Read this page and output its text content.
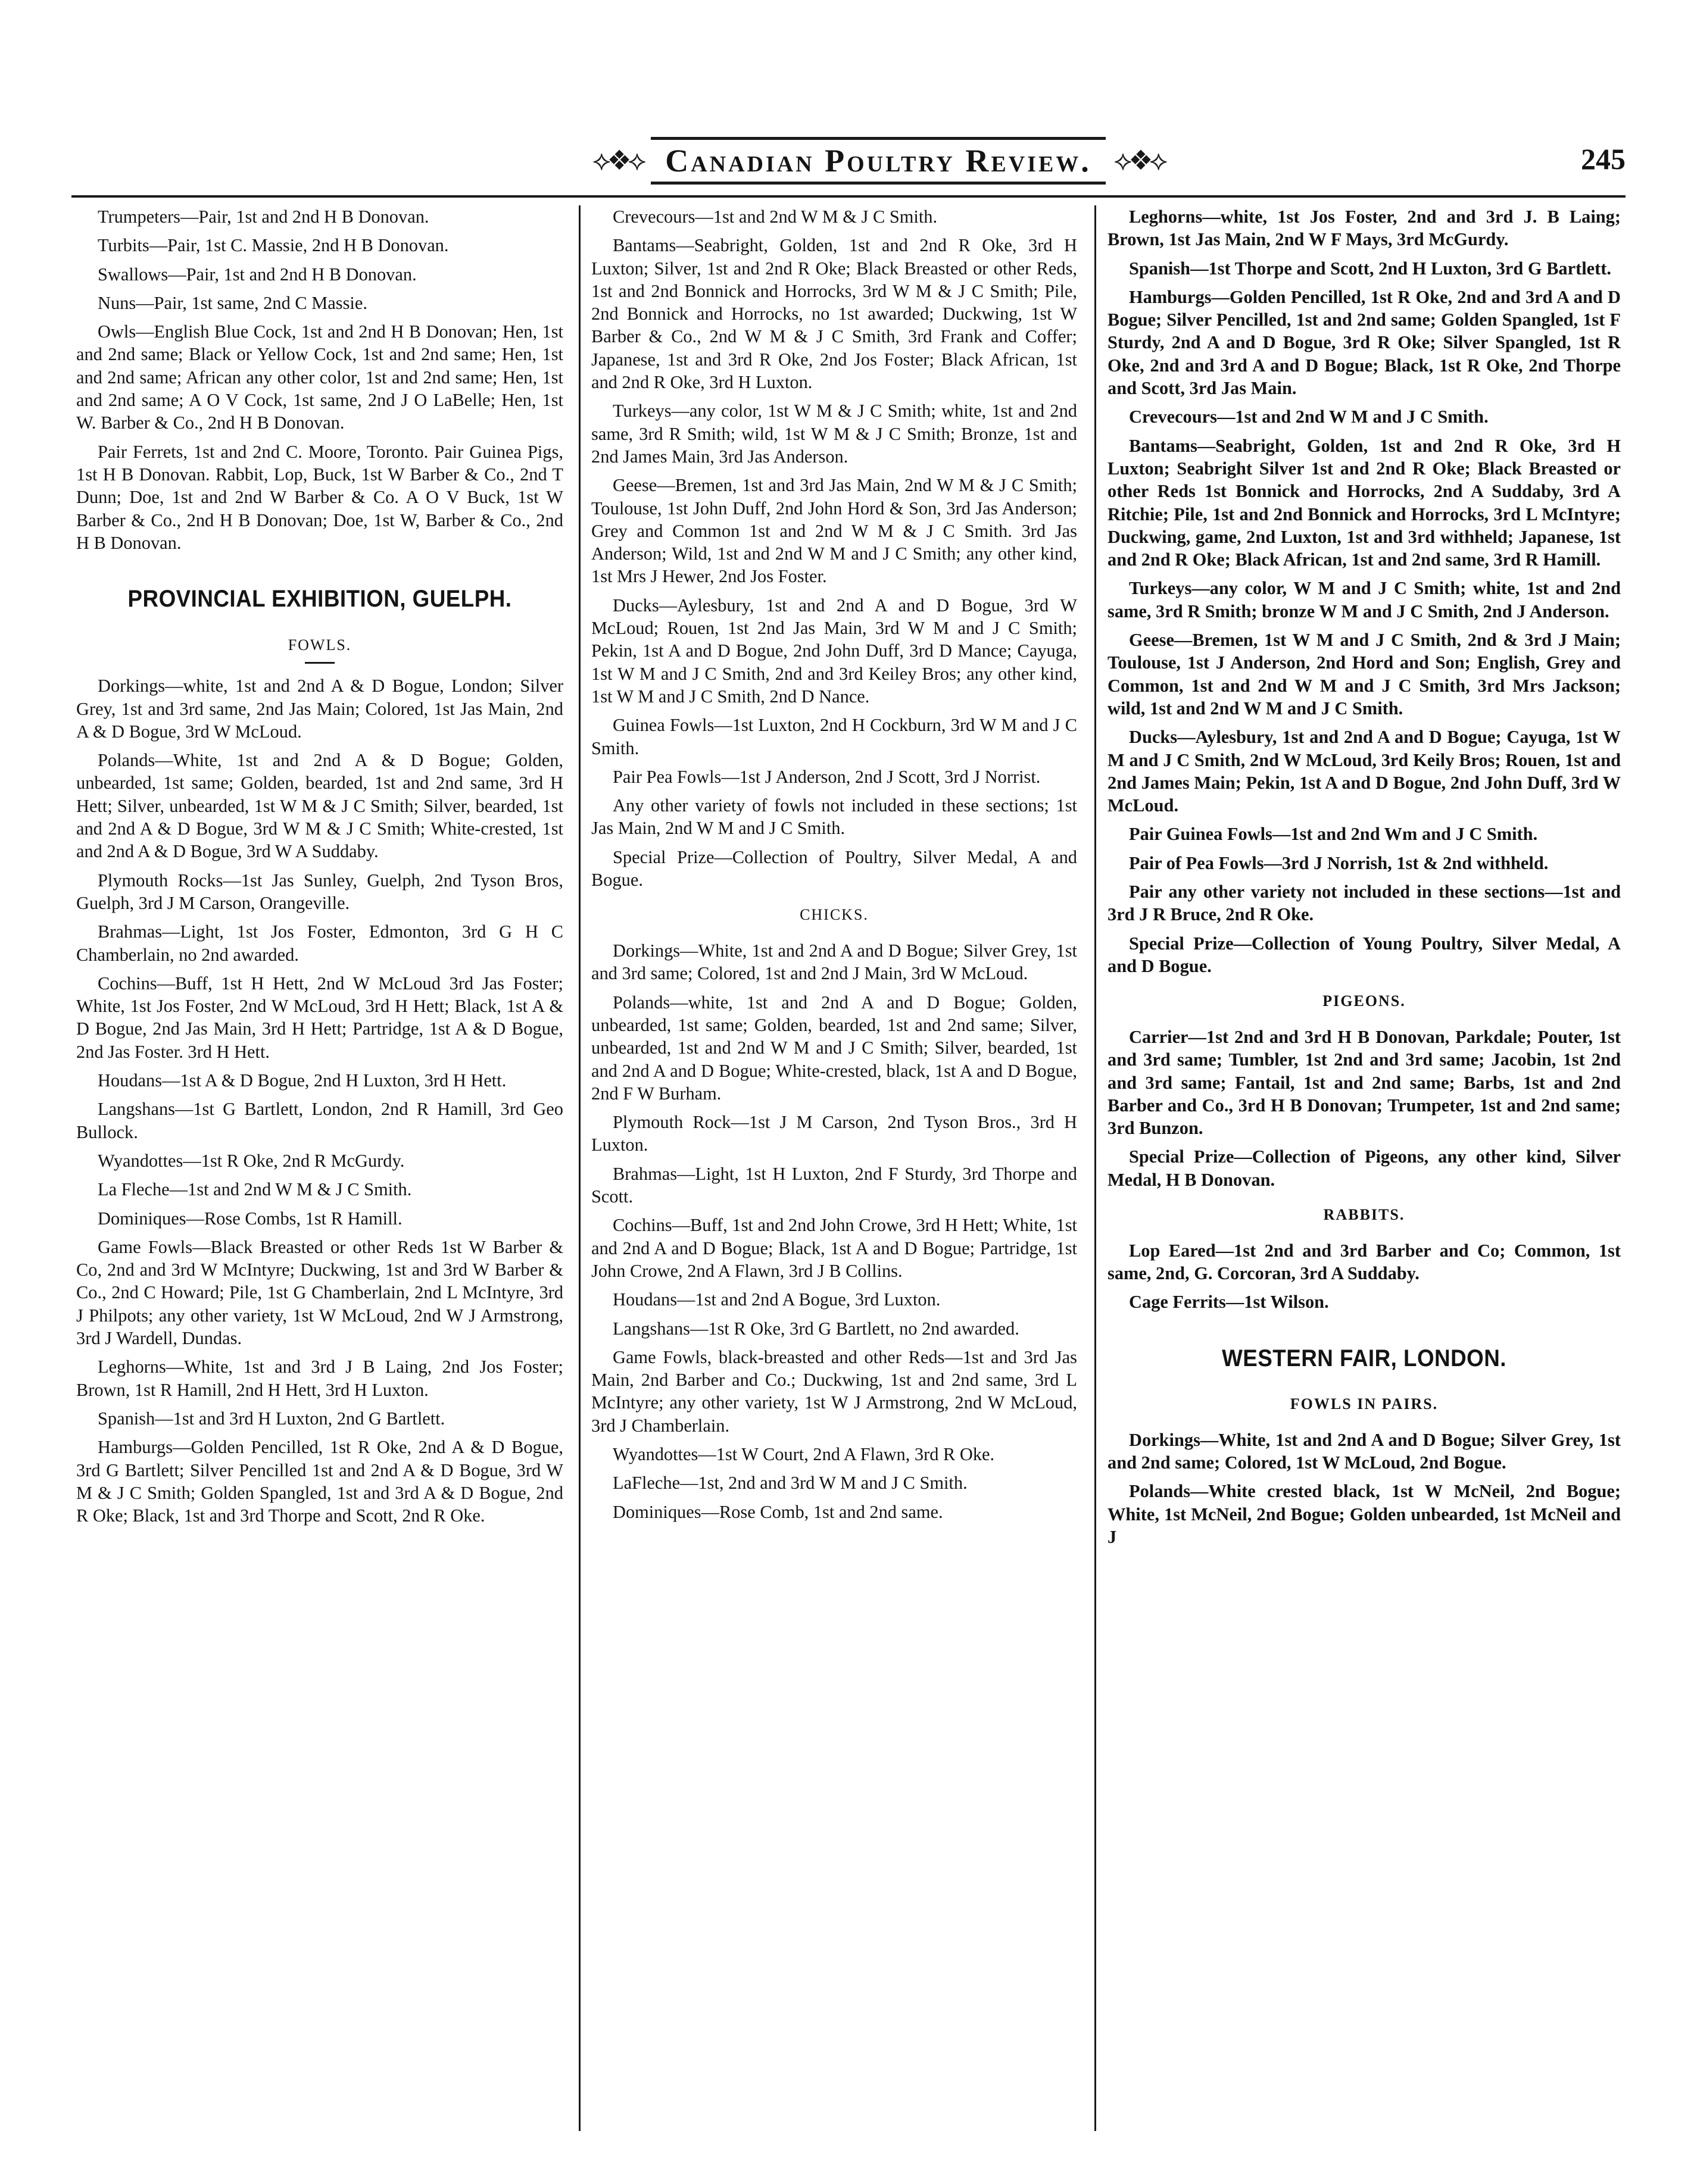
⟡❖⟡ Canadian Poultry Review. ⟡❖⟡	245

Trumpeters—Pair, 1st and 2nd H B Donovan.

Turbits—Pair, 1st C. Massie, 2nd H B Donovan.

Swallows—Pair, 1st and 2nd H B Donovan.

Nuns—Pair, 1st same, 2nd C Massie.

Owls—English Blue Cock, 1st and 2nd H B Donovan; Hen, 1st and 2nd same; Black or Yellow Cock, 1st and 2nd same; Hen, 1st and 2nd same; African any other color, 1st and 2nd same; Hen, 1st and 2nd same; A O V Cock, 1st same, 2nd J O LaBelle; Hen, 1st W. Barber & Co., 2nd H B Donovan.

Pair Ferrets, 1st and 2nd C. Moore, Toronto. Pair Guinea Pigs, 1st H B Donovan. Rabbit, Lop, Buck, 1st W Barber & Co., 2nd T Dunn; Doe, 1st and 2nd W Barber & Co. A O V Buck, 1st W Barber & Co., 2nd H B Donovan; Doe, 1st W, Barber & Co., 2nd H B Donovan.

PROVINCIAL EXHIBITION, GUELPH.
FOWLS.

Dorkings—white, 1st and 2nd A & D Bogue, London; Silver Grey, 1st and 3rd same, 2nd Jas Main; Colored, 1st Jas Main, 2nd A & D Bogue, 3rd W McLoud.

Polands—White, 1st and 2nd A & D Bogue; Golden, unbearded, 1st same; Golden, bearded, 1st and 2nd same, 3rd H Hett; Silver, unbearded, 1st W M & J C Smith; Silver, bearded, 1st and 2nd A & D Bogue, 3rd W M & J C Smith; White-crested, 1st and 2nd A & D Bogue, 3rd W A Suddaby.

Plymouth Rocks—1st Jas Sunley, Guelph, 2nd Tyson Bros, Guelph, 3rd J M Carson, Orangeville.

Brahmas—Light, 1st Jos Foster, Edmonton, 3rd G H C Chamberlain, no 2nd awarded.

Cochins—Buff, 1st H Hett, 2nd W McLoud 3rd Jas Foster; White, 1st Jos Foster, 2nd W McLoud, 3rd H Hett; Black, 1st A & D Bogue, 2nd Jas Main, 3rd H Hett; Partridge, 1st A & D Bogue, 2nd Jas Foster. 3rd H Hett.

Houdans—1st A & D Bogue, 2nd H Luxton, 3rd H Hett.

Langshans—1st G Bartlett, London, 2nd R Hamill, 3rd Geo Bullock.

Wyandottes—1st R Oke, 2nd R McGurdy.

La Fleche—1st and 2nd W M & J C Smith.

Dominiques—Rose Combs, 1st R Hamill.

Game Fowls—Black Breasted or other Reds 1st W Barber & Co, 2nd and 3rd W McIntyre; Duckwing, 1st and 3rd W Barber & Co., 2nd C Howard; Pile, 1st G Chamberlain, 2nd L McIntyre, 3rd J Philpots; any other variety, 1st W McLoud, 2nd W J Armstrong, 3rd J Wardell, Dundas.

Leghorns—White, 1st and 3rd J B Laing, 2nd Jos Foster; Brown, 1st R Hamill, 2nd H Hett, 3rd H Luxton.

Spanish—1st and 3rd H Luxton, 2nd G Bartlett.

Hamburgs—Golden Pencilled, 1st R Oke, 2nd A & D Bogue, 3rd G Bartlett; Silver Pencilled 1st and 2nd A & D Bogue, 3rd W M & J C Smith; Golden Spangled, 1st and 3rd A & D Bogue, 2nd R Oke; Black, 1st and 3rd Thorpe and Scott, 2nd R Oke.

Crevecours—1st and 2nd W M & J C Smith.

Bantams—Seabright, Golden, 1st and 2nd R Oke, 3rd H Luxton; Silver, 1st and 2nd R Oke; Black Breasted or other Reds, 1st and 2nd Bonnick and Horrocks, 3rd W M & J C Smith; Pile, 2nd Bonnick and Horrocks, no 1st awarded; Duckwing, 1st W Barber & Co., 2nd W M & J C Smith, 3rd Frank and Coffer; Japanese, 1st and 3rd R Oke, 2nd Jos Foster; Black African, 1st and 2nd R Oke, 3rd H Luxton.

Turkeys—any color, 1st W M & J C Smith; white, 1st and 2nd same, 3rd R Smith; wild, 1st W M & J C Smith; Bronze, 1st and 2nd James Main, 3rd Jas Anderson.

Geese—Bremen, 1st and 3rd Jas Main, 2nd W M & J C Smith; Toulouse, 1st John Duff, 2nd John Hord & Son, 3rd Jas Anderson; Grey and Common 1st and 2nd W M & J C Smith. 3rd Jas Anderson; Wild, 1st and 2nd W M and J C Smith; any other kind, 1st Mrs J Hewer, 2nd Jos Foster.

Ducks—Aylesbury, 1st and 2nd A and D Bogue, 3rd W McLoud; Rouen, 1st 2nd Jas Main, 3rd W M and J C Smith; Pekin, 1st A and D Bogue, 2nd John Duff, 3rd D Mance; Cayuga, 1st W M and J C Smith, 2nd and 3rd Keiley Bros; any other kind, 1st W M and J C Smith, 2nd D Nance.

Guinea Fowls—1st Luxton, 2nd H Cockburn, 3rd W M and J C Smith.

Pair Pea Fowls—1st J Anderson, 2nd J Scott, 3rd J Norrist.

Any other variety of fowls not included in these sections; 1st Jas Main, 2nd W M and J C Smith.

Special Prize—Collection of Poultry, Silver Medal, A and Bogue.

CHICKS.

Dorkings—White, 1st and 2nd A and D Bogue; Silver Grey, 1st and 3rd same; Colored, 1st and 2nd J Main, 3rd W McLoud.

Polands—white, 1st and 2nd A and D Bogue; Golden, unbearded, 1st same; Golden, bearded, 1st and 2nd same; Silver, unbearded, 1st and 2nd W M and J C Smith; Silver, bearded, 1st and 2nd A and D Bogue; White-crested, black, 1st A and D Bogue, 2nd F W Burham.

Plymouth Rock—1st J M Carson, 2nd Tyson Bros., 3rd H Luxton.

Brahmas—Light, 1st H Luxton, 2nd F Sturdy, 3rd Thorpe and Scott.

Cochins—Buff, 1st and 2nd John Crowe, 3rd H Hett; White, 1st and 2nd A and D Bogue; Black, 1st A and D Bogue; Partridge, 1st John Crowe, 2nd A Flawn, 3rd J B Collins.

Houdans—1st and 2nd A Bogue, 3rd Luxton.

Langshans—1st R Oke, 3rd G Bartlett, no 2nd awarded.

Game Fowls, black-breasted and other Reds—1st and 3rd Jas Main, 2nd Barber and Co.; Duckwing, 1st and 2nd same, 3rd L McIntyre; any other variety, 1st W J Armstrong, 2nd W McLoud, 3rd J Chamberlain.

Wyandottes—1st W Court, 2nd A Flawn, 3rd R Oke.

LaFleche—1st, 2nd and 3rd W M and J C Smith.

Dominiques—Rose Comb, 1st and 2nd same.

Leghorns—white, 1st Jos Foster, 2nd and 3rd J. B Laing; Brown, 1st Jas Main, 2nd W F Mays, 3rd McGurdy.

Spanish—1st Thorpe and Scott, 2nd H Luxton, 3rd G Bartlett.

Hamburgs—Golden Pencilled, 1st R Oke, 2nd and 3rd A and D Bogue; Silver Pencilled, 1st and 2nd same; Golden Spangled, 1st F Sturdy, 2nd A and D Bogue, 3rd R Oke; Silver Spangled, 1st R Oke, 2nd and 3rd A and D Bogue; Black, 1st R Oke, 2nd Thorpe and Scott, 3rd Jas Main.

Crevecours—1st and 2nd W M and J C Smith.

Bantams—Seabright, Golden, 1st and 2nd R Oke, 3rd H Luxton; Seabright Silver 1st and 2nd R Oke; Black Breasted or other Reds 1st Bonnick and Horrocks, 2nd A Suddaby, 3rd A Ritchie; Pile, 1st and 2nd Bonnick and Horrocks, 3rd L McIntyre; Duckwing, game, 2nd Luxton, 1st and 3rd withheld; Japanese, 1st and 2nd R Oke; Black African, 1st and 2nd same, 3rd R Hamill.

Turkeys—any color, W M and J C Smith; white, 1st and 2nd same, 3rd R Smith; bronze W M and J C Smith, 2nd J Anderson.

Geese—Bremen, 1st W M and J C Smith, 2nd & 3rd J Main; Toulouse, 1st J Anderson, 2nd Hord and Son; English, Grey and Common, 1st and 2nd W M and J C Smith, 3rd Mrs Jackson; wild, 1st and 2nd W M and J C Smith.

Ducks—Aylesbury, 1st and 2nd A and D Bogue; Cayuga, 1st W M and J C Smith, 2nd W McLoud, 3rd Keily Bros; Rouen, 1st and 2nd James Main; Pekin, 1st A and D Bogue, 2nd John Duff, 3rd W McLoud.

Pair Guinea Fowls—1st and 2nd Wm and J C Smith.

Pair of Pea Fowls—3rd J Norrish, 1st & 2nd withheld.

Pair any other variety not included in these sections—1st and 3rd J R Bruce, 2nd R Oke.

Special Prize—Collection of Young Poultry, Silver Medal, A and D Bogue.

PIGEONS.

Carrier—1st 2nd and 3rd H B Donovan, Parkdale; Pouter, 1st and 3rd same; Tumbler, 1st 2nd and 3rd same; Jacobin, 1st 2nd and 3rd same; Fantail, 1st and 2nd same; Barbs, 1st and 2nd Barber and Co., 3rd H B Donovan; Trumpeter, 1st and 2nd same; 3rd Bunzon.

Special Prize—Collection of Pigeons, any other kind, Silver Medal, H B Donovan.

RABBITS.

Lop Eared—1st 2nd and 3rd Barber and Co; Common, 1st same, 2nd, G. Corcoran, 3rd A Suddaby.

Cage Ferrits—1st Wilson.

WESTERN FAIR, LONDON.
FOWLS IN PAIRS.

Dorkings—White, 1st and 2nd A and D Bogue; Silver Grey, 1st and 2nd same; Colored, 1st W McLoud, 2nd Bogue.

Polands—White crested black, 1st W McNeil, 2nd Bogue; White, 1st McNeil, 2nd Bogue; Golden unbearded, 1st McNeil and J
